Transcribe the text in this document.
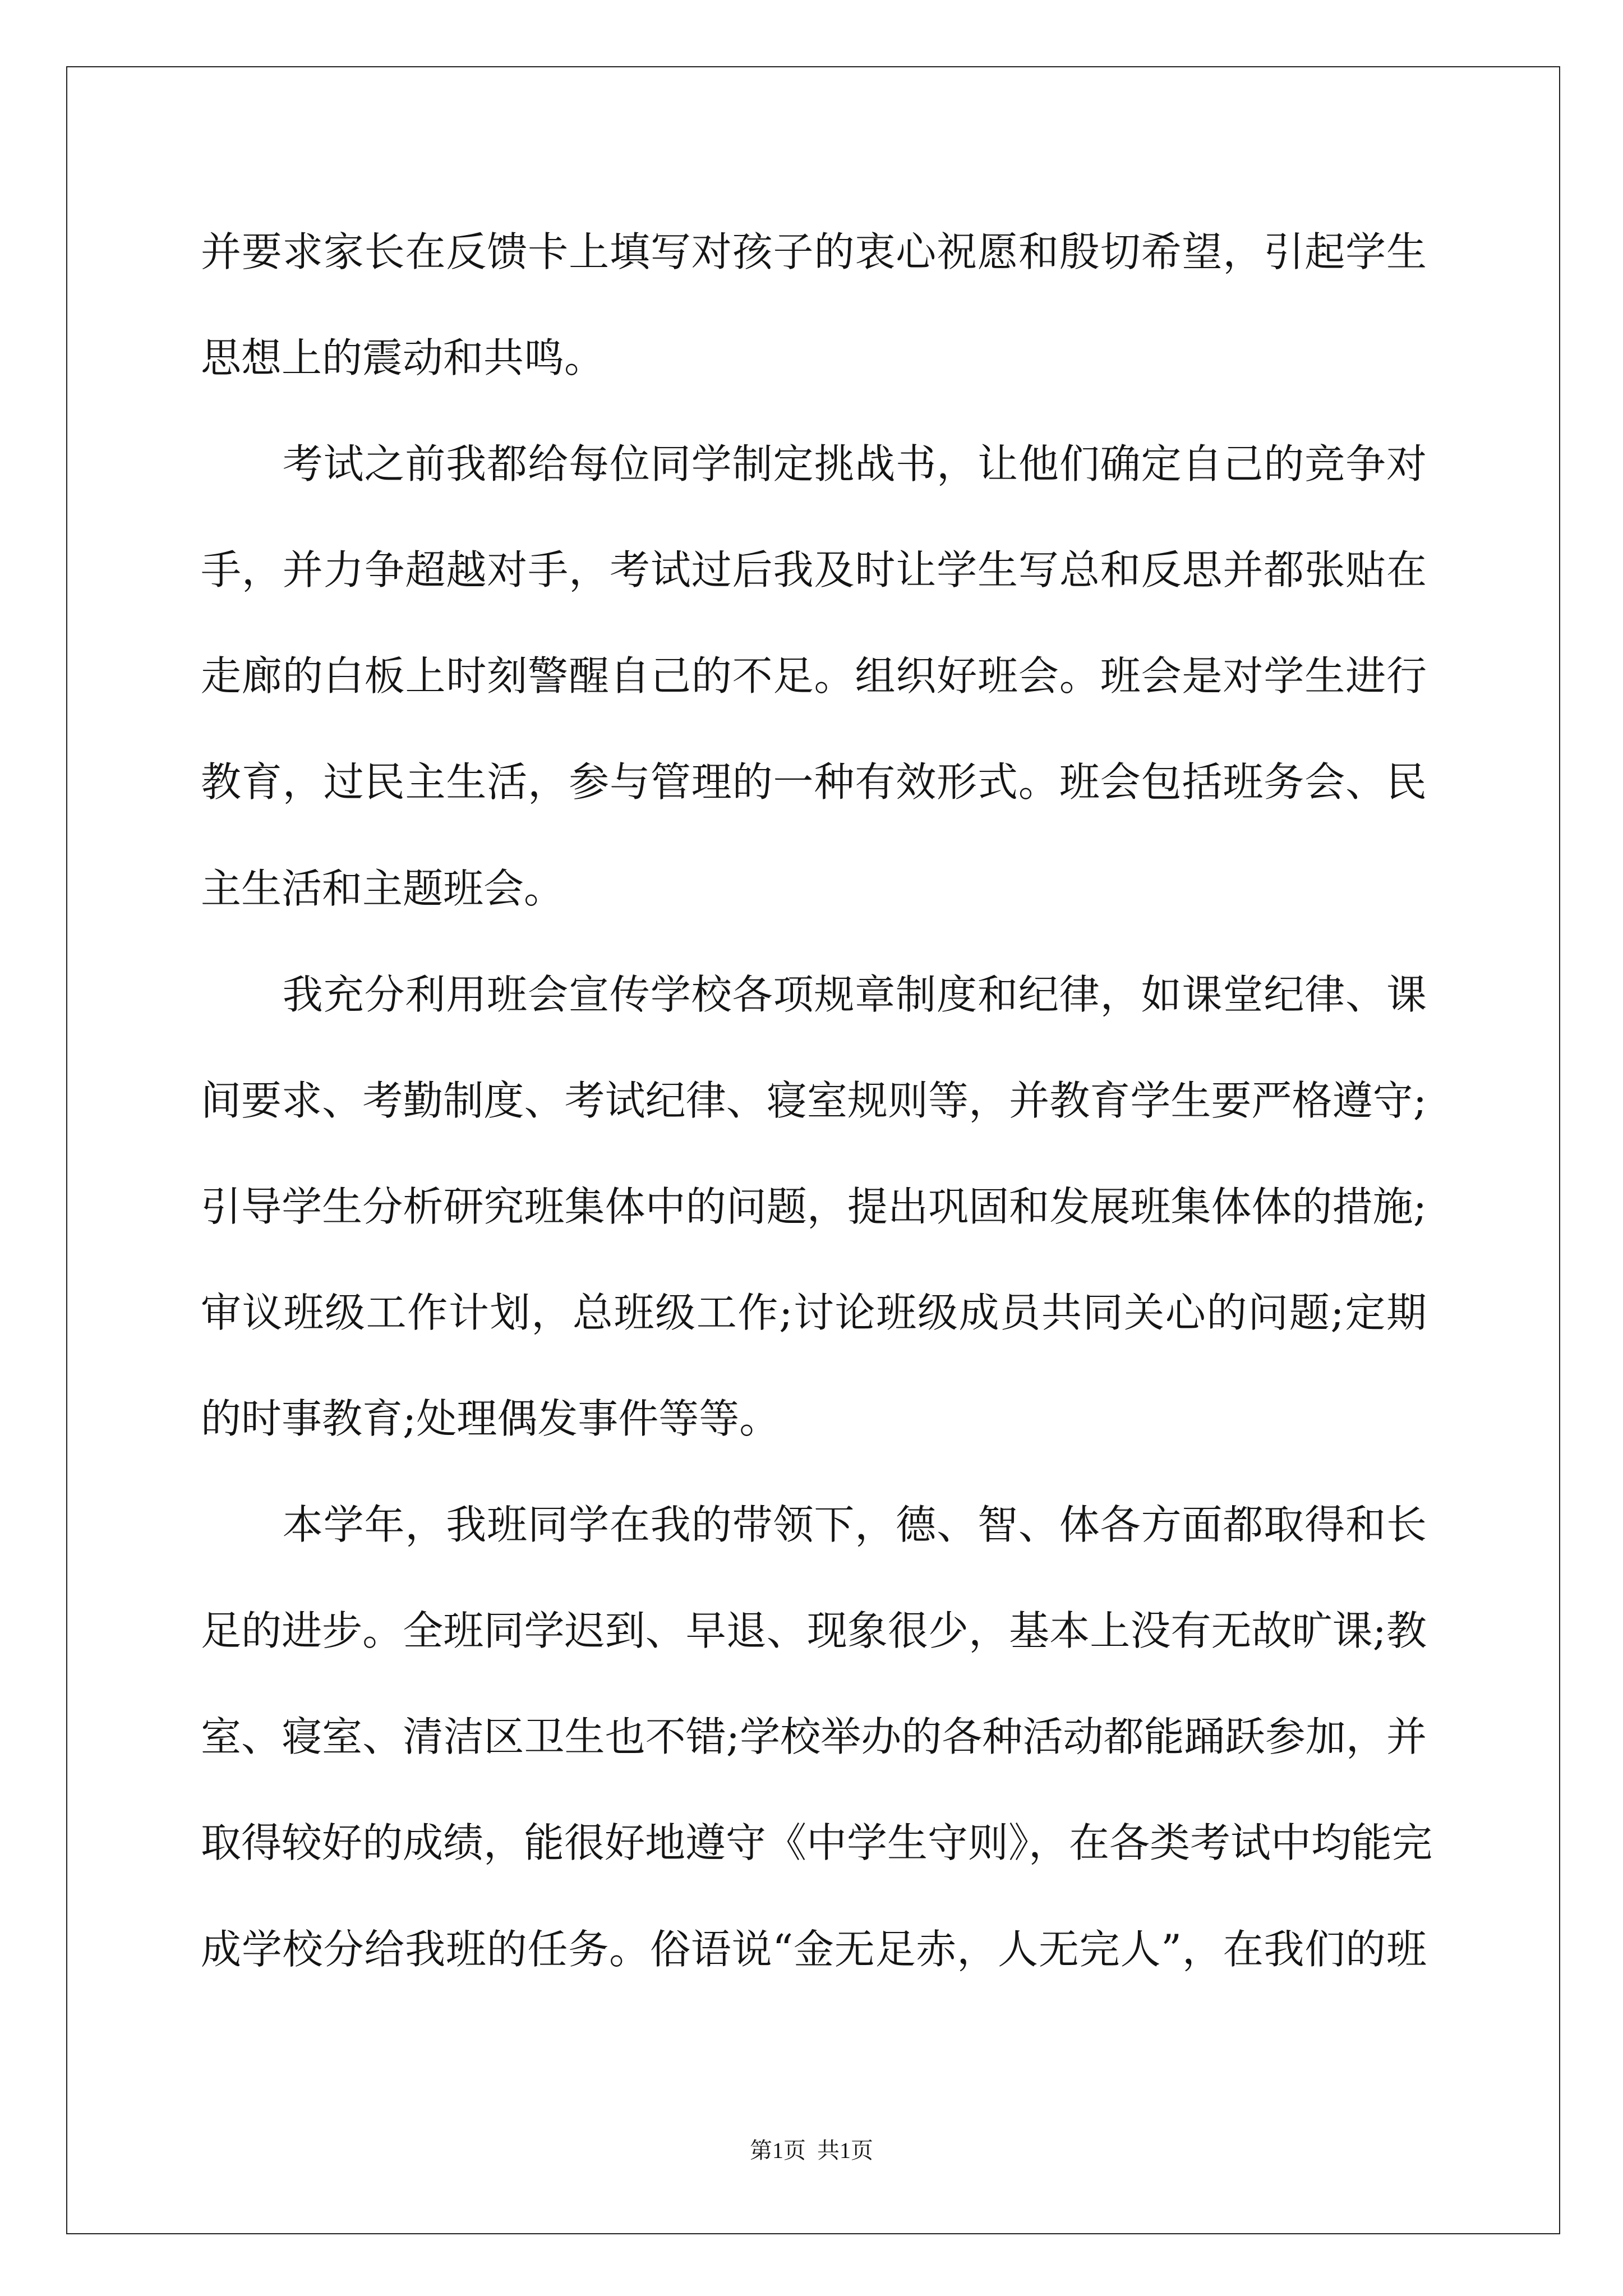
并要求家长在反馈卡上填写对孩子的衷心祝愿和殷切希望，引起学生
思想上的震动和共鸣。
考试之前我都给每位同学制定挑战书，让他们确定自己的竞争对
手，并力争超越对手，考试过后我及时让学生写总和反思并都张贴在
走廊的白板上时刻警醒自己的不足。组织好班会。班会是对学生进行
教育，过民主生活，参与管理的一种有效形式。班会包括班务会、民
主生活和主题班会。
我充分利用班会宣传学校各项规章制度和纪律，如课堂纪律、课
间要求、考勤制度、考试纪律、寝室规则等，并教育学生要严格遵守;
引导学生分析研究班集体中的问题，提出巩固和发展班集体体的措施;
审议班级工作计划，总班级工作;讨论班级成员共同关心的问题;定期
的时事教育;处理偶发事件等等。
本学年，我班同学在我的带领下，德、智、体各方面都取得和长
足的进步。全班同学迟到、早退、现象很少，基本上没有无故旷课;教
室、寝室、清洁区卫生也不错;学校举办的各种活动都能踊跃参加，并
取得较好的成绩，能很好地遵守《中学生守则》，在各类考试中均能完
成学校分给我班的任务。俗语说“金无足赤，人无完人”，在我们的班
第1页  共1页
